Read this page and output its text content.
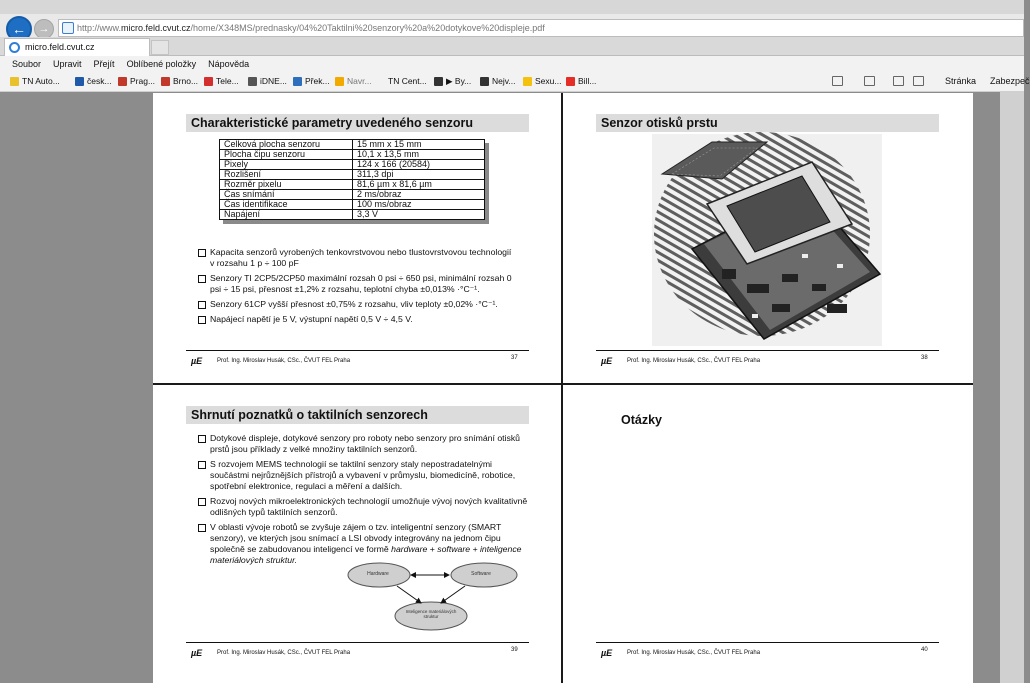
← →	http://www.micro.feld.cvut.cz/home/X348MS/prednasky/04%20Taktilni%20senzory%20a%20dotykove%20displeje.pdf
micro.feld.cvut.cz
Soubor Upravit Přejít Oblíbené položky Nápověda
TN Auto...	česk... Prag... Brno... Tele...	iDNE... Přek... Navr... TN Cent... ▶ By... Nejv... Sexu... Bill...	Stránka Zabezpeč
Charakteristické parametry uvedeného senzoru
Celková plocha senzoru	15 mm x 15 mm
Plocha čipu senzoru	10,1 x 13,5 mm
Pixely	124 x 166 (20584)
Rozlišení	311,3 dpi
Rozměr pixelu	81,6 µm x 81,6 µm
Čas snímání	2 ms/obraz
Čas identifikace	100 ms/obraz
Napájení	3,3 V
Kapacita senzorů vyrobených tenkovrstvovou nebo tlustovrstvovou technologií v rozsahu 1 p ÷ 100 pF
Senzory TI 2CP5/2CP50 maximální rozsah 0 psi ÷ 650 psi, minimální rozsah 0 psi ÷ 15 psi, přesnost ±1,2% z rozsahu, teplotní chyba ±0,013% ·°C⁻¹.
Senzory 61CP vyšší přesnost ±0,75% z rozsahu, vliv teploty ±0,02% ·°C⁻¹.
Napájecí napětí je 5 V, výstupní napětí 0,5 V ÷ 4,5 V.
µE Prof. Ing. Miroslav Husák, CSc., ČVUT FEL Praha	37
Senzor otisků prstu
µE Prof. Ing. Miroslav Husák, CSc., ČVUT FEL Praha	38
Shrnutí poznatků o taktilních senzorech
Dotykové displeje, dotykové senzory pro roboty nebo senzory pro snímání otisků prstů jsou příklady z velké množiny taktilních senzorů.
S rozvojem MEMS technologií se taktilní senzory staly nepostradatelnými součástmi nejrůznějších přístrojů a vybavení v průmyslu, biomedicíně, robotice, spotřební elektronice, regulaci a měření a dalších.
Rozvoj nových mikroelektronických technologií umožňuje vývoj nových kvalitativně odlišných typů taktilních senzorů.
V oblasti vývoje robotů se zvyšuje zájem o tzv. inteligentní senzory (SMART senzory), ve kterých jsou snímací a LSI obvody integrovány na jednom čipu společně se zabudovanou inteligencí ve formě hardware + software + inteligence materiálových struktur.
Hardware	Software
Inteligence materiálových struktur
µE Prof. Ing. Miroslav Husák, CSc., ČVUT FEL Praha	39
Otázky
µE Prof. Ing. Miroslav Husák, CSc., ČVUT FEL Praha	40
